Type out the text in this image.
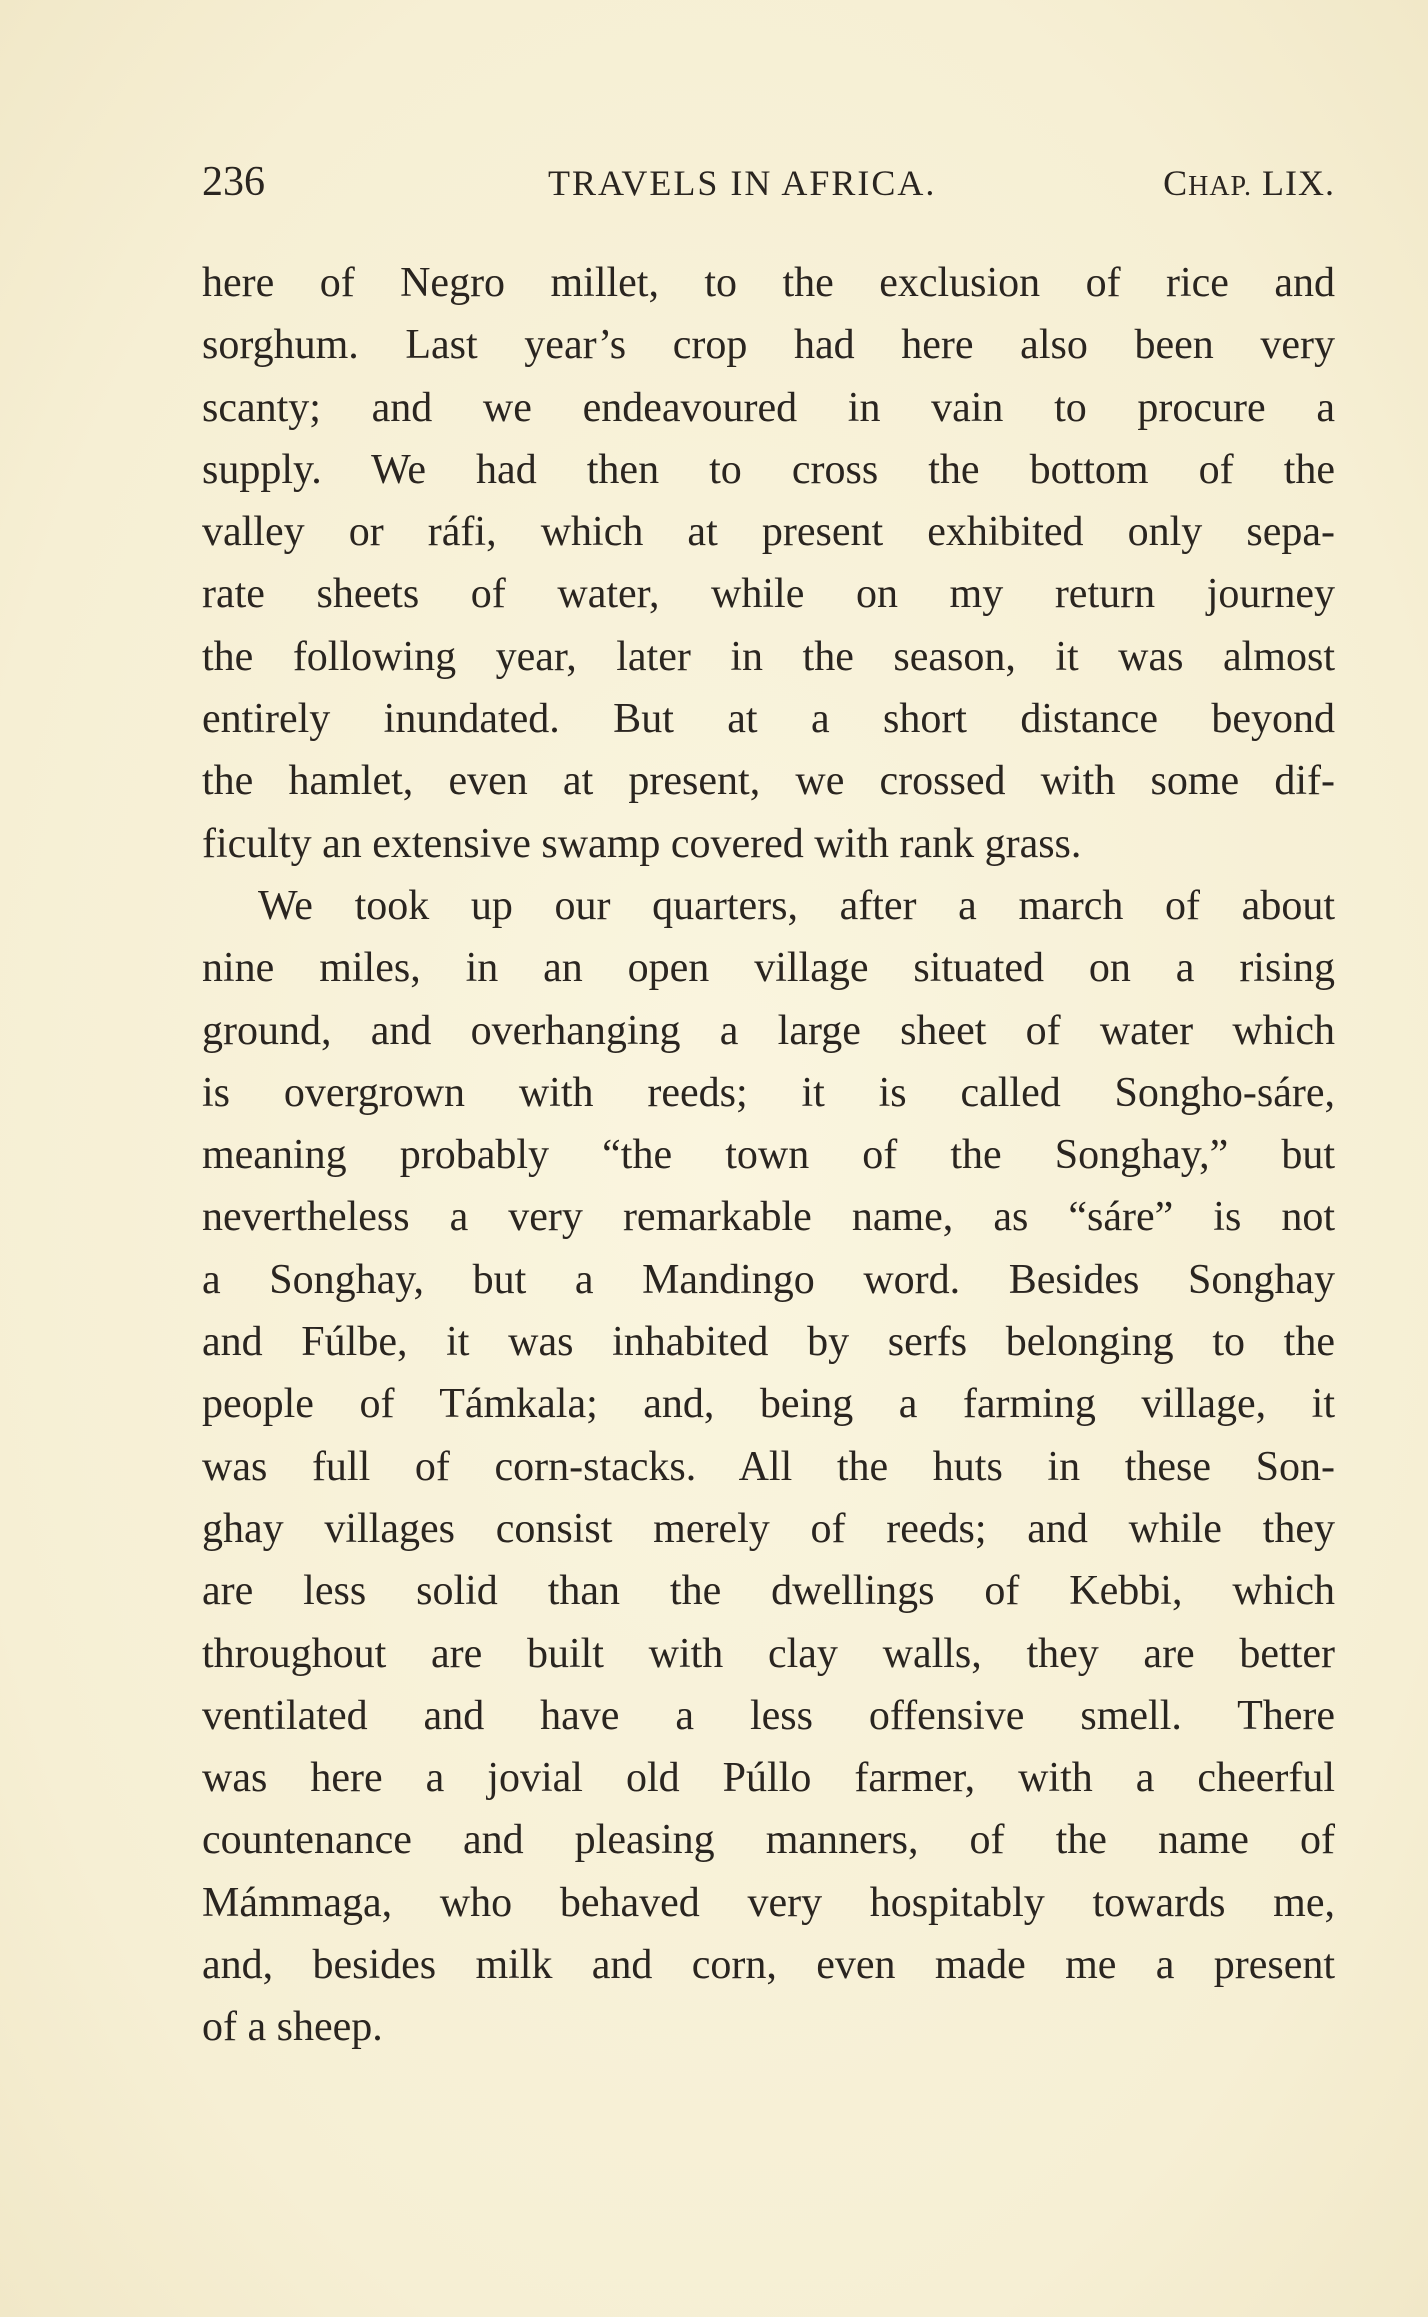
236	TRAVELS IN AFRICA.	CHAP. LIX.
here of Negro millet, to the exclusion of rice and
sorghum. Last year’s crop had here also been very
scanty; and we endeavoured in vain to procure a
supply. We had then to cross the bottom of the
valley or ráfi, which at present exhibited only sepa-
rate sheets of water, while on my return journey
the following year, later in the season, it was almost
entirely inundated. But at a short distance beyond
the hamlet, even at present, we crossed with some dif-
ficulty an extensive swamp covered with rank grass.
We took up our quarters, after a march of about
nine miles, in an open village situated on a rising
ground, and overhanging a large sheet of water which
is overgrown with reeds; it is called Songho-sáre,
meaning probably “the town of the Songhay,” but
nevertheless a very remarkable name, as “sáre” is not
a Songhay, but a Mandingo word. Besides Songhay
and Fúlbe, it was inhabited by serfs belonging to the
people of Támkala; and, being a farming village, it
was full of corn-stacks. All the huts in these Son-
ghay villages consist merely of reeds; and while they
are less solid than the dwellings of Kebbi, which
throughout are built with clay walls, they are better
ventilated and have a less offensive smell. There
was here a jovial old Púllo farmer, with a cheerful
countenance and pleasing manners, of the name of
Mámmaga, who behaved very hospitably towards me,
and, besides milk and corn, even made me a present
of a sheep.
